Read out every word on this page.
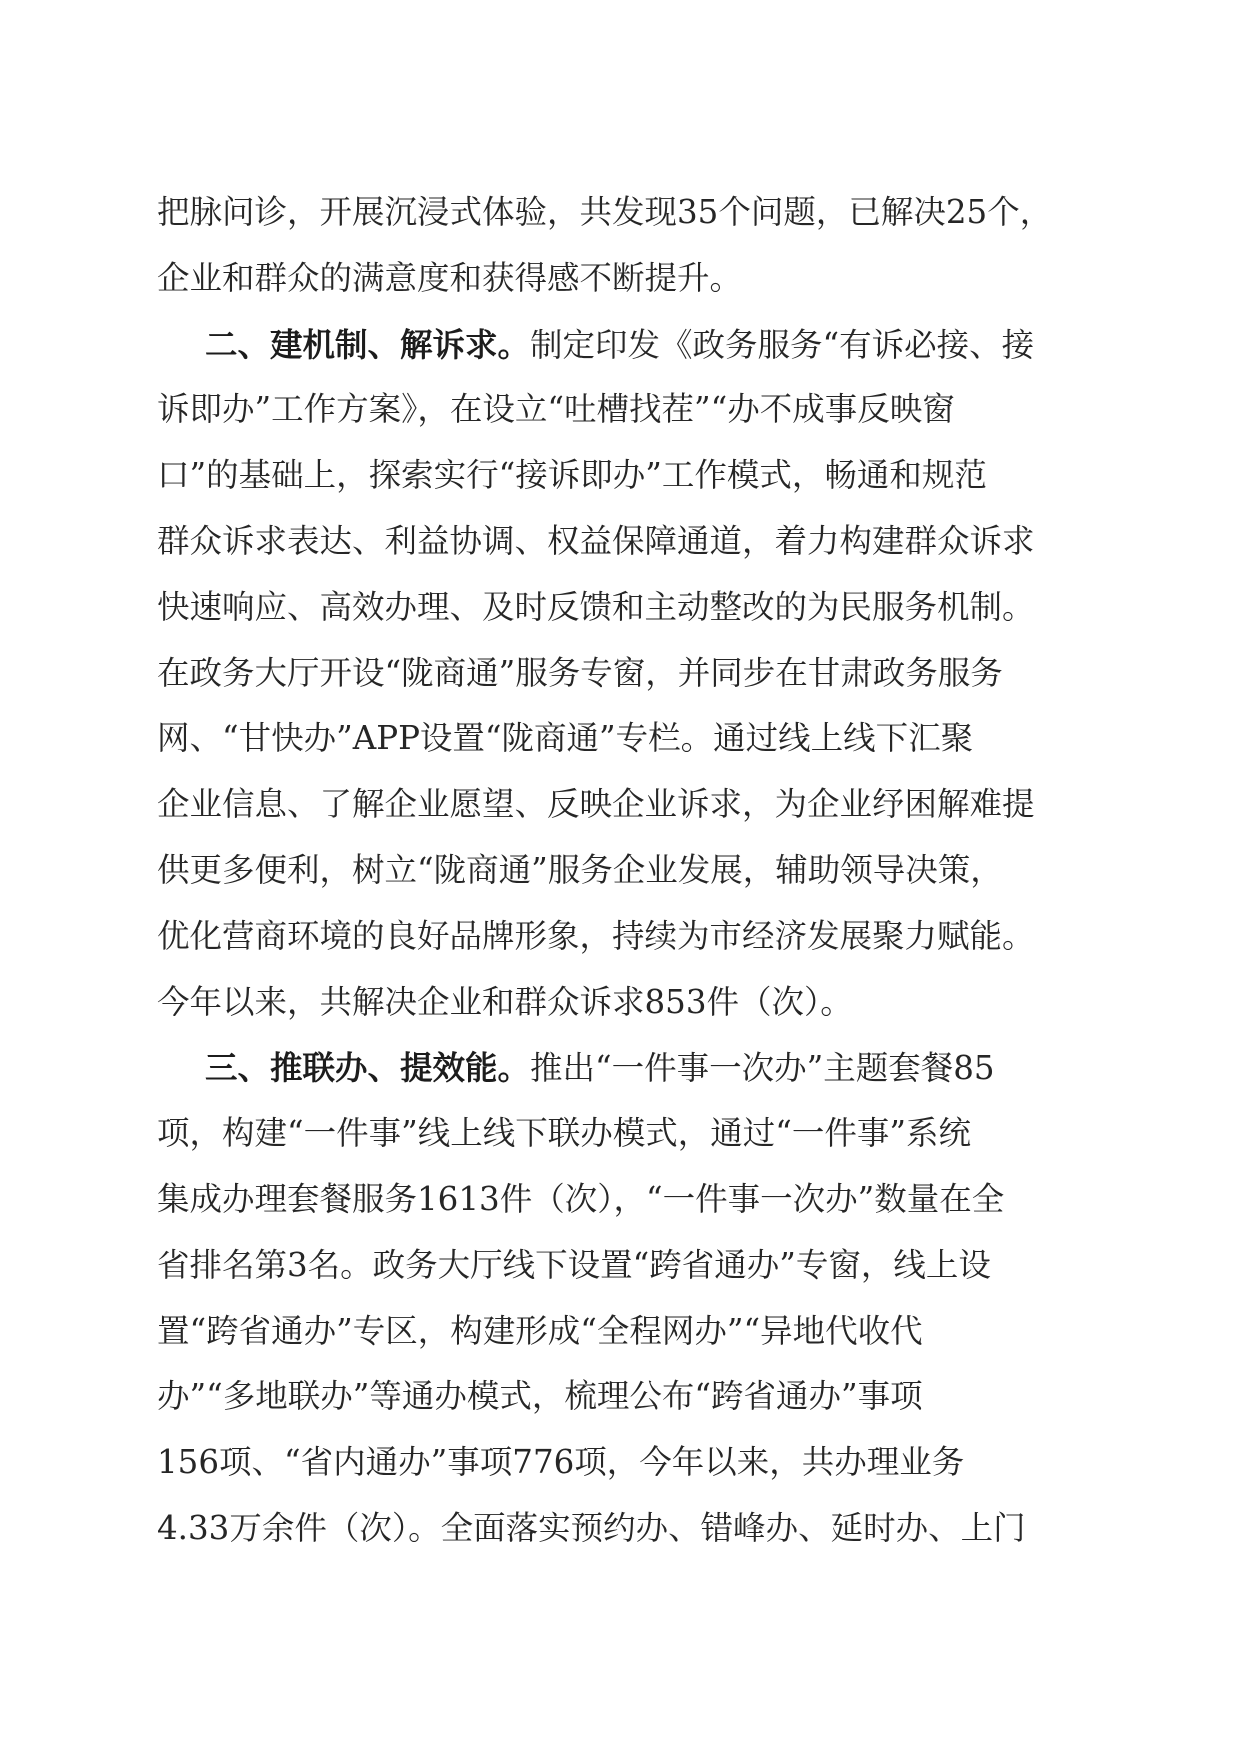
把脉问诊，开展沉浸式体验，共发现35个问题，已解决25个，
企业和群众的满意度和获得感不断提升。
二、建机制、解诉求。制定印发《政务服务“有诉必接、接
诉即办”工作方案》，在设立“吐槽找茬”“办不成事反映窗
口”的基础上，探索实行“接诉即办”工作模式，畅通和规范
群众诉求表达、利益协调、权益保障通道，着力构建群众诉求
快速响应、高效办理、及时反馈和主动整改的为民服务机制。
在政务大厅开设“陇商通”服务专窗，并同步在甘肃政务服务
网、“甘快办”APP设置“陇商通”专栏。通过线上线下汇聚
企业信息、了解企业愿望、反映企业诉求，为企业纾困解难提
供更多便利，树立“陇商通”服务企业发展，辅助领导决策，
优化营商环境的良好品牌形象，持续为市经济发展聚力赋能。
今年以来，共解决企业和群众诉求853件（次）。
三、推联办、提效能。推出“一件事一次办”主题套餐85
项，构建“一件事”线上线下联办模式，通过“一件事”系统
集成办理套餐服务1613件（次），“一件事一次办”数量在全
省排名第3名。政务大厅线下设置“跨省通办”专窗，线上设
置“跨省通办”专区，构建形成“全程网办”“异地代收代
办”“多地联办”等通办模式，梳理公布“跨省通办”事项
156项、“省内通办”事项776项，今年以来，共办理业务
4.33万余件（次）。全面落实预约办、错峰办、延时办、上门
